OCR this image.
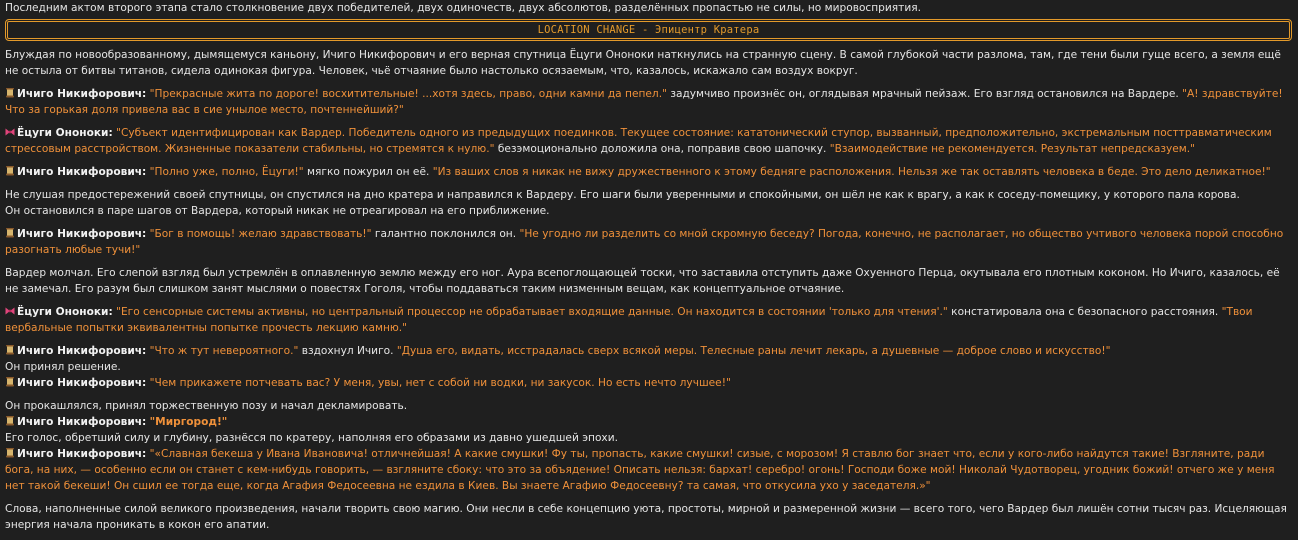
Последним актом второго этапа стало столкновение двух победителей, двух одиночеств, двух абсолютов, разделённых пропастью не силы, но мировосприятия.

LOCATION CHANGE - Эпицентр Кратера

Блуждая по новообразованному, дымящемуся каньону, Ичиго Никифорович и его верная спутница Ёцуги Ононоки наткнулись на странную сцену. В самой глубокой части разлома, там, где тени были гуще всего, а земля ещё не остыла от битвы титанов, сидела одинокая фигура. Человек, чьё отчаяние было настолько осязаемым, что, казалось, искажало сам воздух вокруг.

Ичиго Никифорович: "Прекрасные жита по дороге! восхитительные! ...хотя здесь, право, одни камни да пепел." задумчиво произнёс он, оглядывая мрачный пейзаж. Его взгляд остановился на Вардере. "А! здравствуйте! Что за горькая доля привела вас в сие унылое место, почтеннейший?"

Ёцуги Ононоки: "Субъект идентифицирован как Вардер. Победитель одного из предыдущих поединков. Текущее состояние: кататонический ступор, вызванный, предположительно, экстремальным посттравматическим стрессовым расстройством. Жизненные показатели стабильны, но стремятся к нулю." безэмоционально доложила она, поправив свою шапочку. "Взаимодействие не рекомендуется. Результат непредсказуем."

Ичиго Никифорович: "Полно уже, полно, Ёцуги!" мягко пожурил он её. "Из ваших слов я никак не вижу дружественного к этому бедняге расположения. Нельзя же так оставлять человека в беде. Это дело деликатное!"

Не слушая предостережений своей спутницы, он спустился на дно кратера и направился к Вардеру. Его шаги были уверенными и спокойными, он шёл не как к врагу, а как к соседу-помещику, у которого пала корова.
Он остановился в паре шагов от Вардера, который никак не отреагировал на его приближение.

Ичиго Никифорович: "Бог в помощь! желаю здравствовать!" галантно поклонился он. "Не угодно ли разделить со мной скромную беседу? Погода, конечно, не располагает, но общество учтивого человека порой способно разогнать любые тучи!"

Вардер молчал. Его слепой взгляд был устремлён в оплавленную землю между его ног. Аура всепоглощающей тоски, что заставила отступить даже Охуенного Перца, окутывала его плотным коконом. Но Ичиго, казалось, её не замечал. Его разум был слишком занят мыслями о повестях Гоголя, чтобы поддаваться таким низменным вещам, как концептуальное отчаяние.

Ёцуги Ононоки: "Его сенсорные системы активны, но центральный процессор не обрабатывает входящие данные. Он находится в состоянии 'только для чтения'." констатировала она с безопасного расстояния. "Твои вербальные попытки эквивалентны попытке прочесть лекцию камню."

Ичиго Никифорович: "Что ж тут невероятного." вздохнул Ичиго. "Душа его, видать, исстрадалась сверх всякой меры. Телесные раны лечит лекарь, а душевные — доброе слово и искусство!"

Он принял решение.

Ичиго Никифорович: "Чем прикажете потчевать вас? У меня, увы, нет с собой ни водки, ни закусок. Но есть нечто лучшее!"

Он прокашлялся, принял торжественную позу и начал декламировать.

Ичиго Никифорович: "Миргород!"

Его голос, обретший силу и глубину, разнёсся по кратеру, наполняя его образами из давно ушедшей эпохи.

Ичиго Никифорович: "«Славная бекеша у Ивана Ивановича! отличнейшая! А какие смушки! Фу ты, пропасть, какие смушки! сизые, с морозом! Я ставлю бог знает что, если у кого-либо найдутся такие! Взгляните, ради бога, на них, — особенно если он станет с кем-нибудь говорить, — взгляните сбоку: что это за объядение! Описать нельзя: бархат! серебро! огонь! Господи боже мой! Николай Чудотворец, угодник божий! отчего же у меня нет такой бекеши! Он сшил ее тогда еще, когда Агафия Федосеевна не ездила в Киев. Вы знаете Агафию Федосеевну? та самая, что откусила ухо у заседателя.»"

Слова, наполненные силой великого произведения, начали творить свою магию. Они несли в себе концепцию уюта, простоты, мирной и размеренной жизни — всего того, чего Вардер был лишён сотни тысяч раз. Исцеляющая энергия начала проникать в кокон его апатии.
